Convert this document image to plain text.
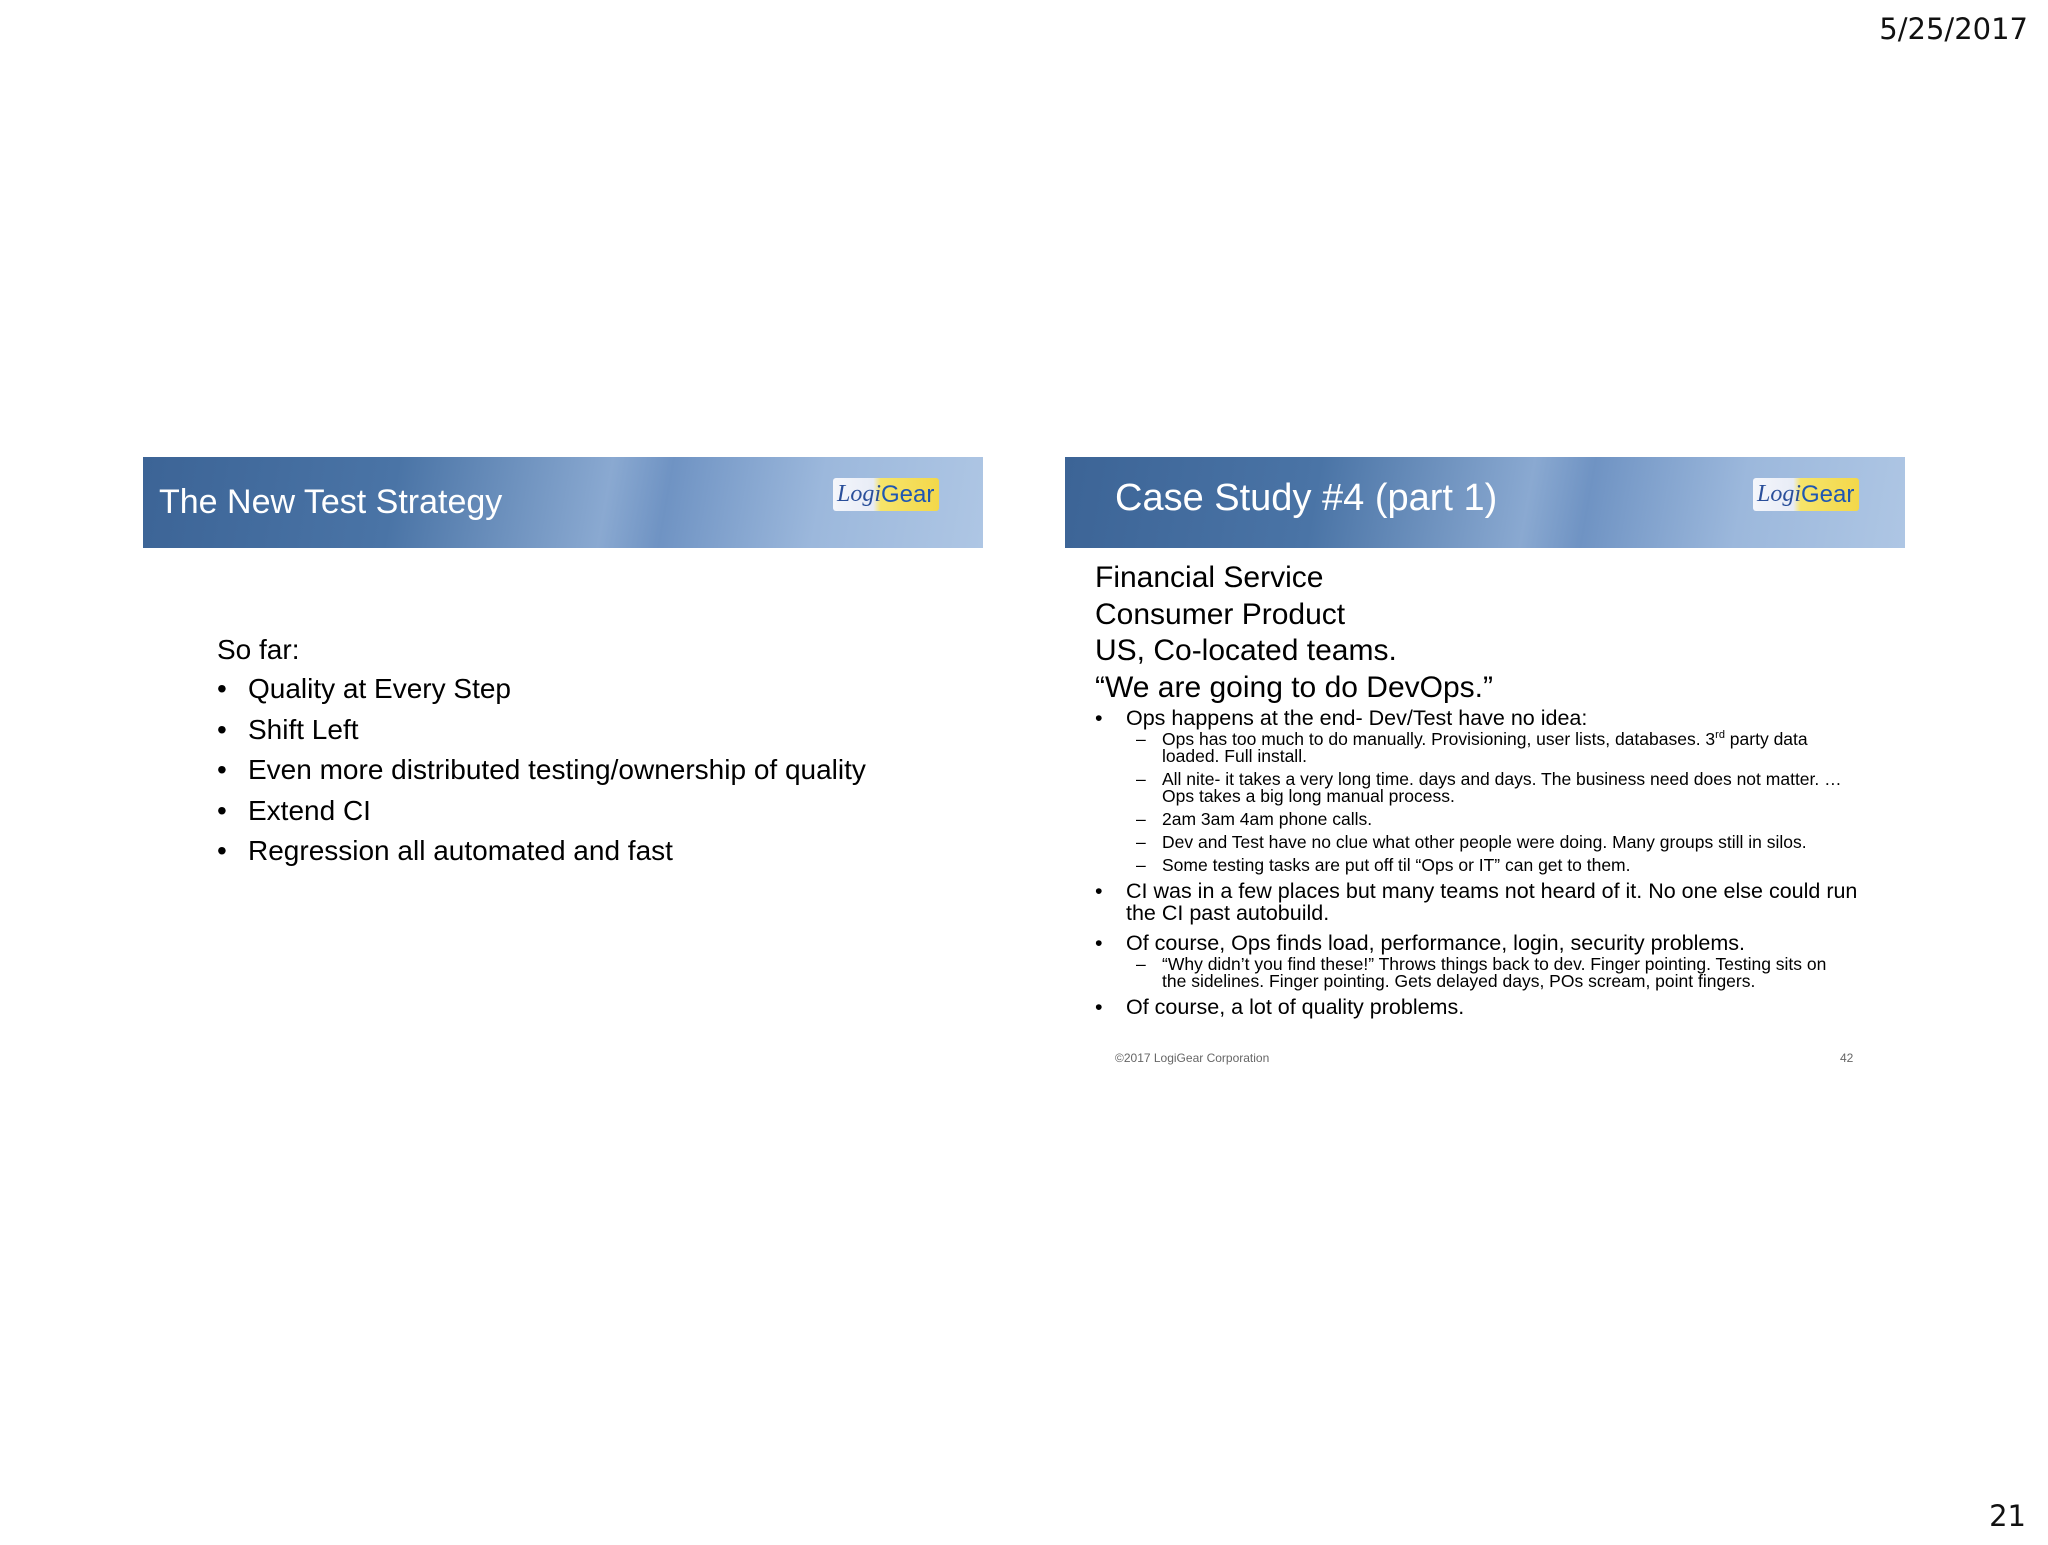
5/25/2017
The New Test Strategy	Logi Gear
So far:
• Quality at Every Step
• Shift Left
• Even more distributed testing/ownership of quality
• Extend CI
• Regression all automated and fast
Case Study #4 (part 1)	Logi Gear
Financial Service
Consumer Product
US, Co-located teams.
“We are going to do DevOps.”
• Ops happens at the end- Dev/Test have no idea:
– Ops has too much to do manually. Provisioning, user lists, databases. 3rd party data loaded. Full install.
– All nite- it takes a very long time. days and days. The business need does not matter. … Ops takes a big long manual process.
– 2am 3am 4am phone calls.
– Dev and Test have no clue what other people were doing. Many groups still in silos.
– Some testing tasks are put off til “Ops or IT” can get to them.
• CI was in a few places but many teams not heard of it. No one else could run the CI past autobuild.
• Of course, Ops finds load, performance, login, security problems.
– “Why didn’t you find these!” Throws things back to dev. Finger pointing. Testing sits on the sidelines. Finger pointing. Gets delayed days, POs scream, point fingers.
• Of course, a lot of quality problems.
©2017 LogiGear Corporation	42
21
